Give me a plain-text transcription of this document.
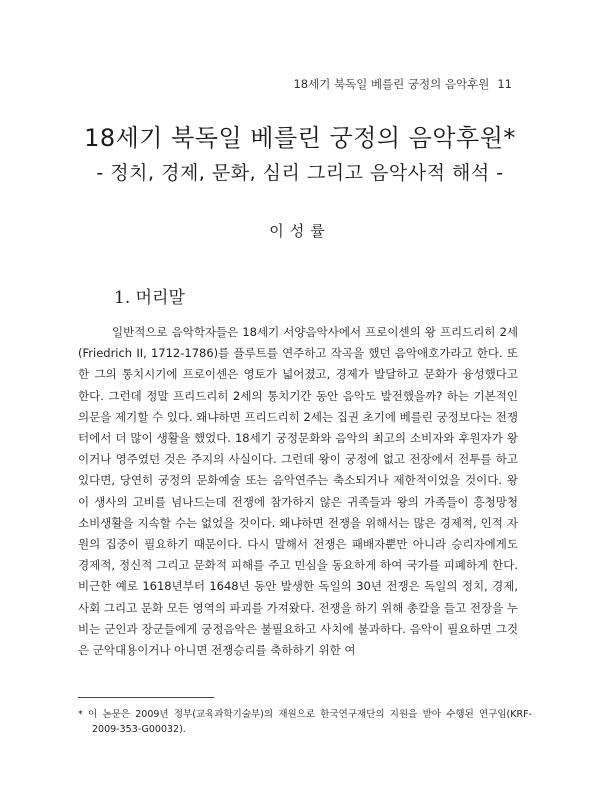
18세기 북독일 베를린 궁정의 음악후원 11
18세기 북독일 베를린 궁정의 음악후원*
- 정치, 경제, 문화, 심리 그리고 음악사적 해석 -
이성률
1. 머리말

일반적으로 음악학자들은 18세기 서양음악사에서 프로이센의 왕 프리드리히 2세(Friedrich II, 1712-1786)를 플루트를 연주하고 작곡을 했던 음악애호가라고 한다. 또한 그의 통치시기에 프로이센은 영토가 넓어졌고, 경제가 발달하고 문화가 융성했다고 한다. 그런데 정말 프리드리히 2세의 통치기간 동안 음악도 발전했을까? 하는 기본적인 의문을 제기할 수 있다. 왜냐하면 프리드리히 2세는 집권 초기에 베를린 궁정보다는 전쟁터에서 더 많이 생활을 했었다. 18세기 궁정문화와 음악의 최고의 소비자와 후원자가 왕이거나 영주였던 것은 주지의 사실이다. 그런데 왕이 궁정에 없고 전장에서 전투를 하고 있다면, 당연히 궁정의 문화예술 또는 음악연주는 축소되거나 제한적이었을 것이다. 왕이 생사의 고비를 넘나드는데 전쟁에 참가하지 않은 귀족들과 왕의 가족들이 흥청망청 소비생활을 지속할 수는 없었을 것이다. 왜냐하면 전쟁을 위해서는 많은 경제적, 인적 자원의 집중이 필요하기 때문이다. 다시 말해서 전쟁은 패배자뿐만 아니라 승리자에게도 경제적, 정신적 그리고 문화적 피해를 주고 민심을 동요하게 하여 국가를 피폐하게 한다. 비근한 예로 1618년부터 1648년 동안 발생한 독일의 30년 전쟁은 독일의 정치, 경제, 사회 그리고 문화 모든 영역의 파괴를 가져왔다. 전쟁을 하기 위해 총칼을 들고 전장을 누비는 군인과 장군들에게 궁정음악은 불필요하고 사치에 불과하다. 음악이 필요하면 그것은 군악대용이거나 아니면 전쟁승리를 축하하기 위한 여

* 이 논문은 2009년 정부(교육과학기술부)의 재원으로 한국연구재단의 지원을 받아 수행된 연구임(KRF-2009-353-G00032).
